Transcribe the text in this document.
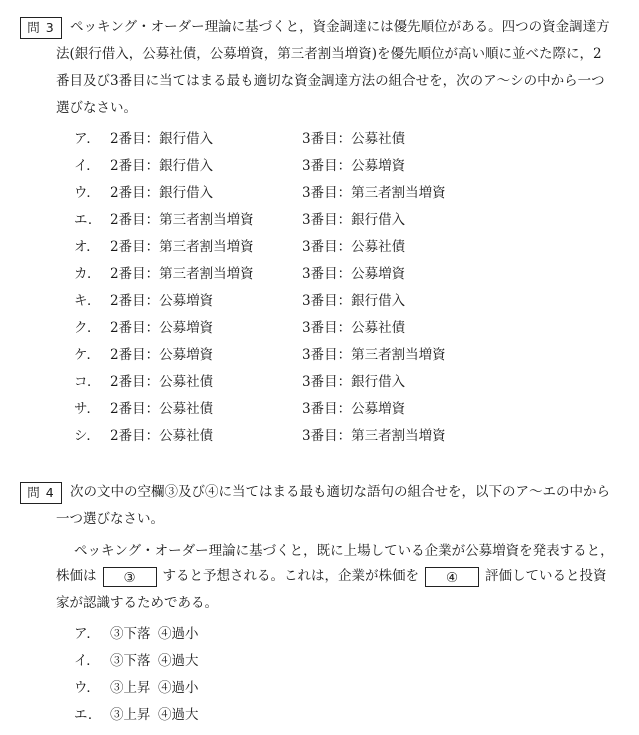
問 3	ペッキング・オーダー理論に基づくと，資金調達には優先順位がある。四つの資金調達方
法(銀行借入，公募社債，公募増資，第三者割当増資)を優先順位が高い順に並べた際に，2
番目及び3番目に当てはまる最も適切な資金調達方法の組合せを，次のア～シの中から一つ
選びなさい。
ア． 2番目：銀行借入	3番目：公募社債
イ． 2番目：銀行借入	3番目：公募増資
ウ． 2番目：銀行借入	3番目：第三者割当増資
エ． 2番目：第三者割当増資	3番目：銀行借入
オ． 2番目：第三者割当増資	3番目：公募社債
カ． 2番目：第三者割当増資	3番目：公募増資
キ． 2番目：公募増資	3番目：銀行借入
ク． 2番目：公募増資	3番目：公募社債
ケ． 2番目：公募増資	3番目：第三者割当増資
コ． 2番目：公募社債	3番目：銀行借入
サ． 2番目：公募社債	3番目：公募増資
シ． 2番目：公募社債	3番目：第三者割当増資
問 4	次の文中の空欄③及び④に当てはまる最も適切な語句の組合せを，以下のア～エの中から
一つ選びなさい。
ペッキング・オーダー理論に基づくと，既に上場している企業が公募増資を発表すると，
株価は ③ すると予想される。これは，企業が株価を ④ 評価していると投資
家が認識するためである。
ア． ③下落 ④過小
イ． ③下落 ④過大
ウ． ③上昇 ④過小
エ． ③上昇 ④過大
